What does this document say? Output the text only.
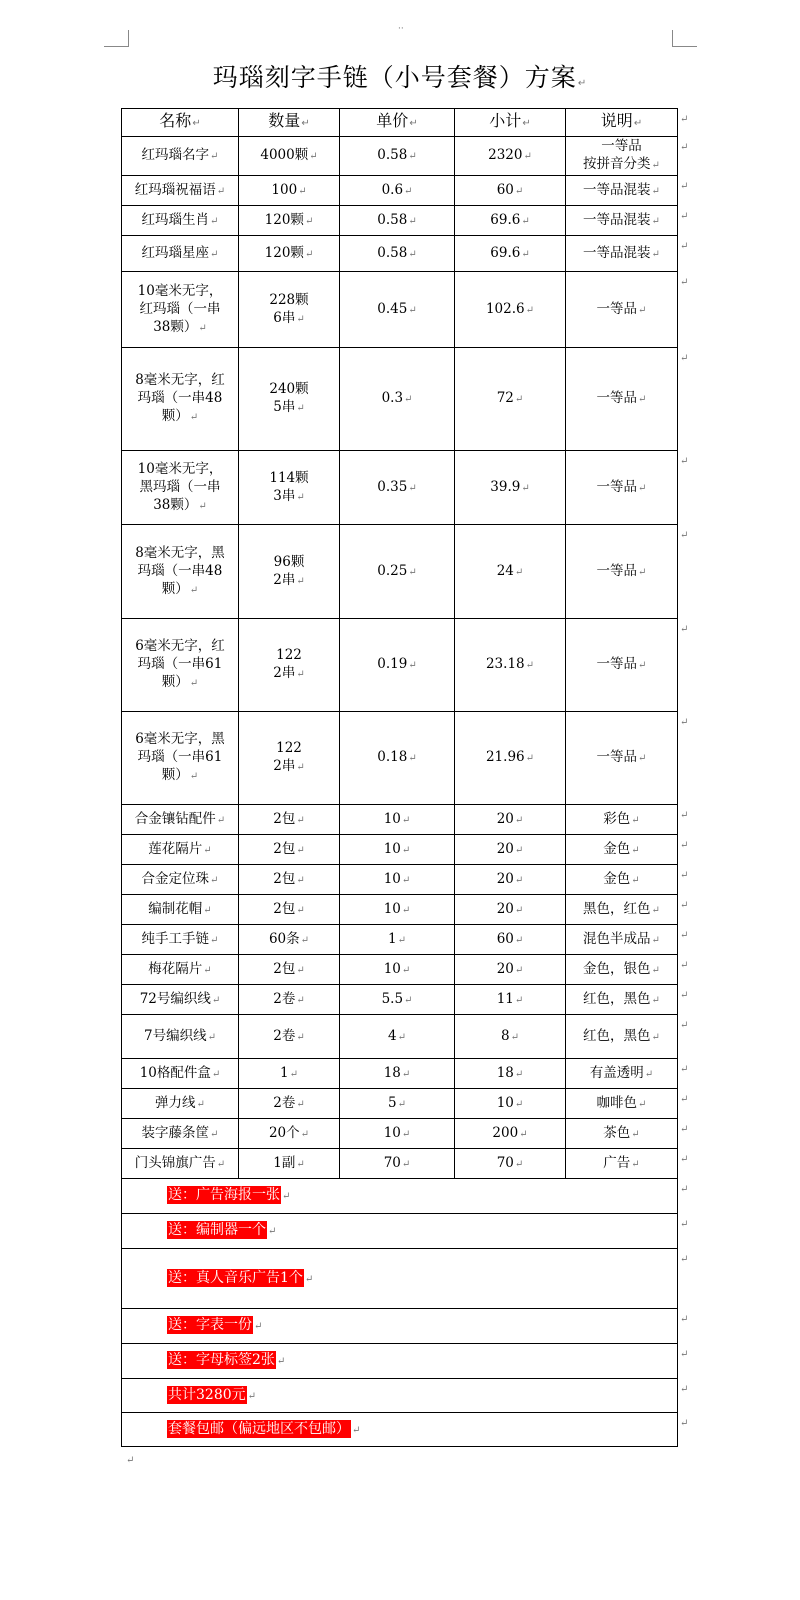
··
玛瑙刻字手链（小号套餐）方案↵
名称↵	数量↵	单价↵	小计↵	说明↵
红玛瑙名字↵	4000颗↵	0.58↵	2320↵	一等品
按拼音分类↵
红玛瑙祝福语↵	100↵	0.6↵	60↵	一等品混装↵
红玛瑙生肖↵	120颗↵	0.58↵	69.6↵	一等品混装↵
红玛瑙星座↵	120颗↵	0.58↵	69.6↵	一等品混装↵
10毫米无字，
红玛瑙（一串
38颗）↵	228颗
6串↵	0.45↵	102.6↵	一等品↵
8毫米无字，红
玛瑙（一串48
颗）↵	240颗
5串↵	0.3↵	72↵	一等品↵
10毫米无字，
黑玛瑙（一串
38颗）↵	114颗
3串↵	0.35↵	39.9↵	一等品↵
8毫米无字，黑
玛瑙（一串48
颗）↵	96颗
2串↵	0.25↵	24↵	一等品↵
6毫米无字，红
玛瑙（一串61
颗）↵	122
2串↵	0.19↵	23.18↵	一等品↵
6毫米无字，黑
玛瑙（一串61
颗）↵	122
2串↵	0.18↵	21.96↵	一等品↵
合金镶钻配件↵	2包↵	10↵	20↵	彩色↵
莲花隔片↵	2包↵	10↵	20↵	金色↵
合金定位珠↵	2包↵	10↵	20↵	金色↵
编制花帽↵	2包↵	10↵	20↵	黑色，红色↵
纯手工手链↵	60条↵	1↵	60↵	混色半成品↵
梅花隔片↵	2包↵	10↵	20↵	金色，银色↵
72号编织线↵	2卷↵	5.5↵	11↵	红色，黑色↵
7号编织线↵	2卷↵	4↵	8↵	红色，黑色↵
10格配件盒↵	1↵	18↵	18↵	有盖透明↵
弹力线↵	2卷↵	5↵	10↵	咖啡色↵
装字藤条筐↵	20个↵	10↵	200↵	茶色↵
门头锦旗广告↵	1副↵	70↵	70↵	广告↵
送：广告海报一张 ↵				
送：编制器一个 ↵				
送：真人音乐广告1个 ↵				
送：字表一份 ↵				
送：字母标签2张 ↵				
共计3280元 ↵				
套餐包邮（偏远地区不包邮） ↵				
↵
↵
↵
↵
↵
↵
↵
↵
↵
↵
↵
↵
↵
↵
↵
↵
↵
↵
↵
↵
↵
↵
↵
↵
↵
↵
↵
↵
↵
↵
↵
